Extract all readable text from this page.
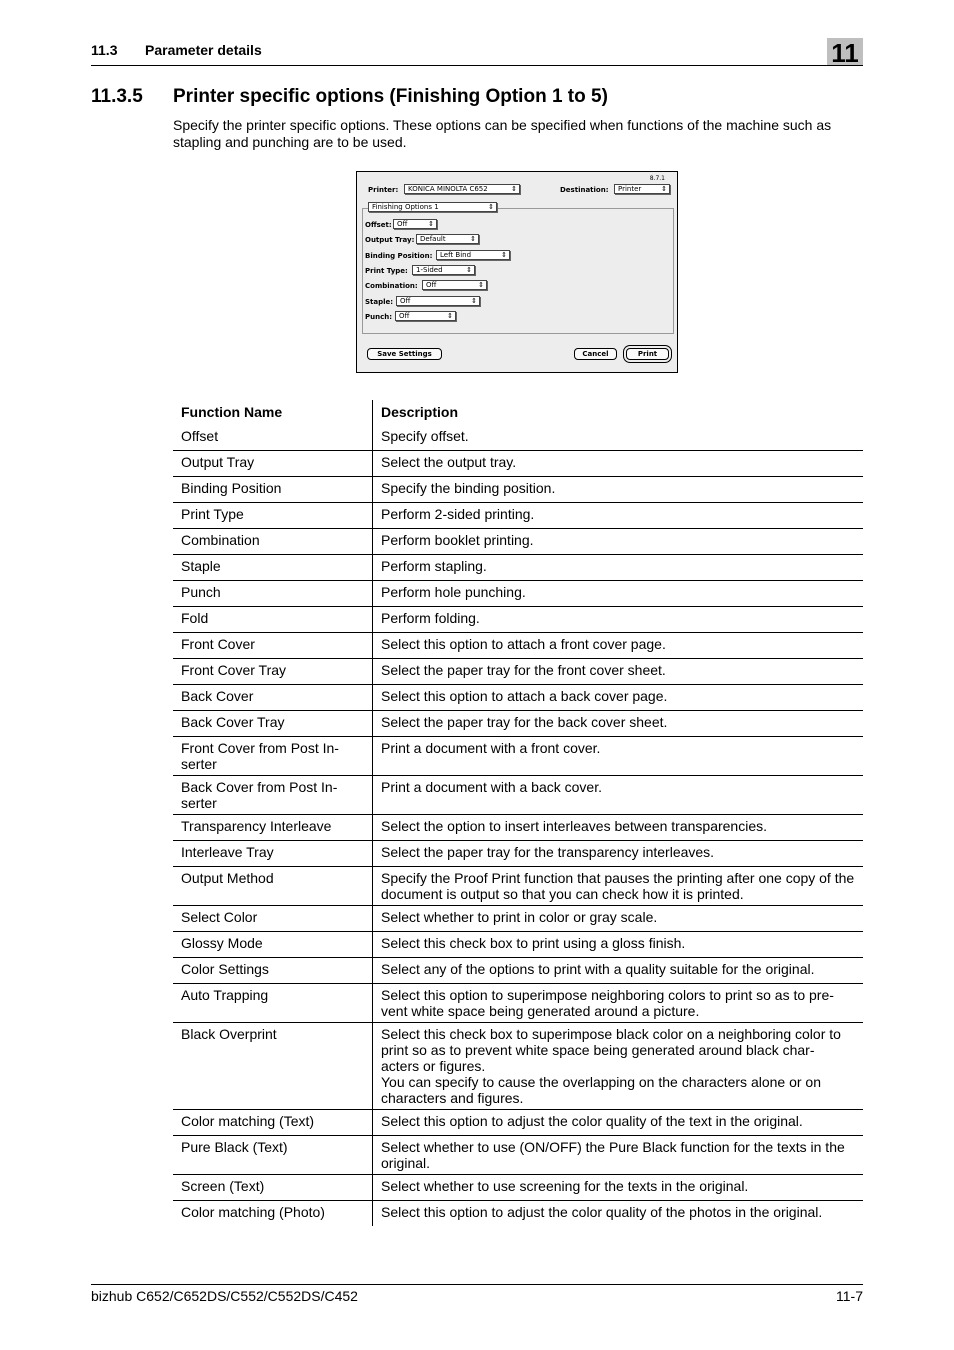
11.3 Parameter details	11
11.3.5 Printer specific options (Finishing Option 1 to 5)
Specify the printer specific options. These options can be specified when functions of the machine such as stapling and punching are to be used.
8.7.1
Printer:	KONICA MINOLTA C652	⇕	Destination:	Printer	⇕
Finishing Options 1	⇕
Offset: Off	⇕
Output Tray: Default	⇕
Binding Position:	Left Bind	⇕
Print Type:	1-Sided	⇕
Combination:	Off	⇕
Staple: Off	⇕
Punch: Off	⇕
Save Settings	Cancel	Print
Function Name	Description
Offset	Specify offset.
Output Tray	Select the output tray.
Binding Position	Specify the binding position.
Print Type	Perform 2-sided printing.
Combination	Perform booklet printing.
Staple	Perform stapling.
Punch	Perform hole punching.
Fold	Perform folding.
Front Cover	Select this option to attach a front cover page.
Front Cover Tray	Select the paper tray for the front cover sheet.
Back Cover	Select this option to attach a back cover page.
Back Cover Tray	Select the paper tray for the back cover sheet.
Front Cover from Post In-
serter	Print a document with a front cover.
Back Cover from Post In-
serter	Print a document with a back cover.
Transparency Interleave	Select the option to insert interleaves between transparencies.
Interleave Tray	Select the paper tray for the transparency interleaves.
Output Method	Specify the Proof Print function that pauses the printing after one copy of the document is output so that you can check how it is printed.
Select Color	Select whether to print in color or gray scale.
Glossy Mode	Select this check box to print using a gloss finish.
Color Settings	Select any of the options to print with a quality suitable for the original.
Auto Trapping	Select this option to superimpose neighboring colors to print so as to pre-
vent white space being generated around a picture.
Black Overprint	Select this check box to superimpose black color on a neighboring color to print so as to prevent white space being generated around black char-
acters or figures.
You can specify to cause the overlapping on the characters alone or on characters and figures.
Color matching (Text)	Select this option to adjust the color quality of the text in the original.
Pure Black (Text)	Select whether to use (ON/OFF) the Pure Black function for the texts in the original.
Screen (Text)	Select whether to use screening for the texts in the original.
Color matching (Photo)	Select this option to adjust the color quality of the photos in the original.
bizhub C652/C652DS/C552/C552DS/C452	11-7
